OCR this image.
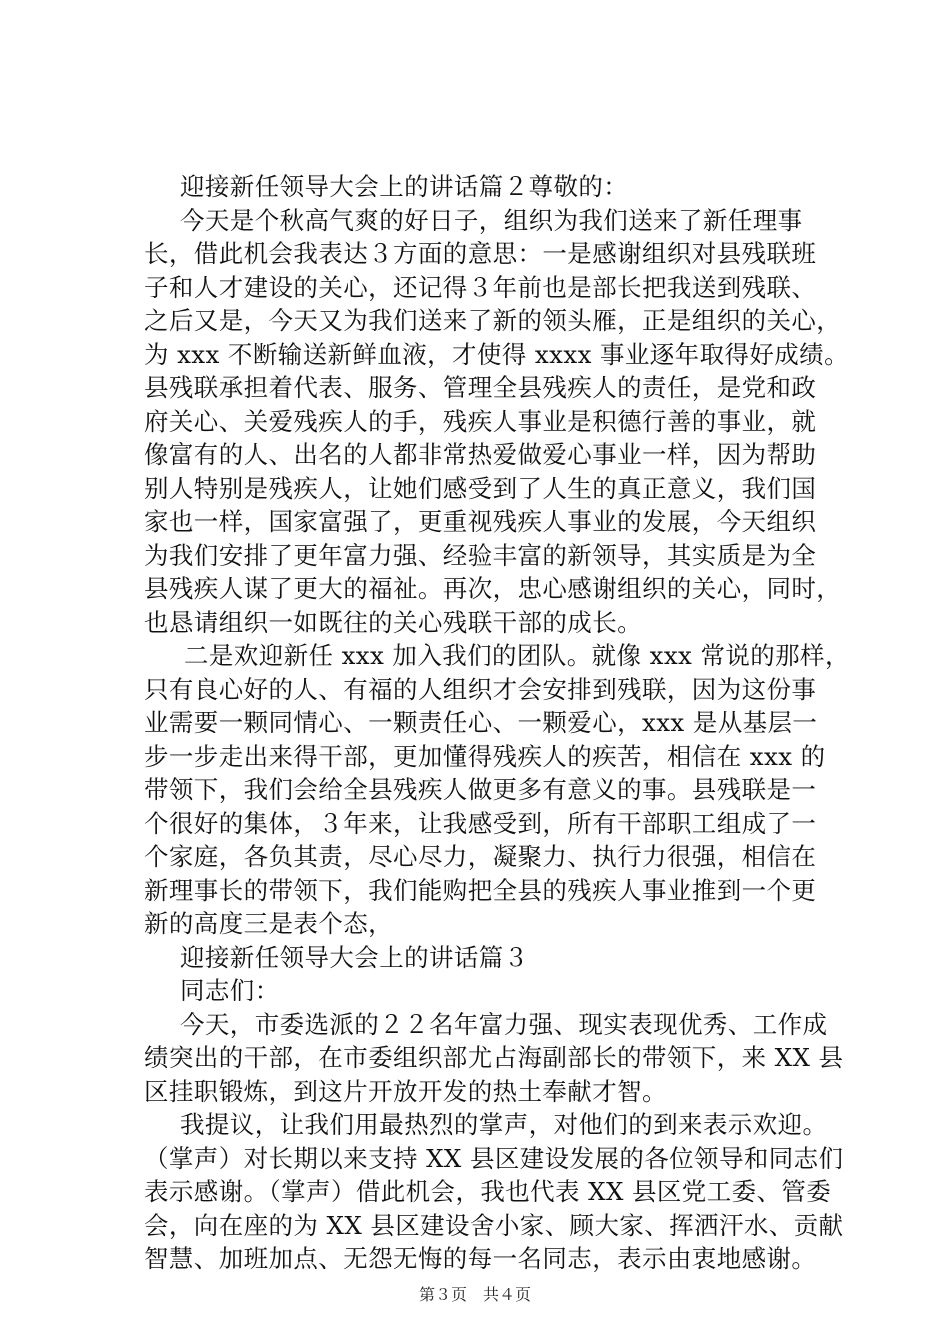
迎接新任领导大会上的讲话篇２尊敬的：
今天是个秋高气爽的好日子，组织为我们送来了新任理事
长，借此机会我表达３方面的意思：一是感谢组织对县残联班
子和人才建设的关心，还记得３年前也是部长把我送到残联、
之后又是，今天又为我们送来了新的领头雁，正是组织的关心，
为 xxx 不断输送新鲜血液，才使得 xxxx 事业逐年取得好成绩。
县残联承担着代表、服务、管理全县残疾人的责任，是党和政
府关心、关爱残疾人的手，残疾人事业是积德行善的事业，就
像富有的人、出名的人都非常热爱做爱心事业一样，因为帮助
别人特别是残疾人，让她们感受到了人生的真正意义，我们国
家也一样，国家富强了，更重视残疾人事业的发展，今天组织
为我们安排了更年富力强、经验丰富的新领导，其实质是为全
县残疾人谋了更大的福祉。再次，忠心感谢组织的关心，同时，
也恳请组织一如既往的关心残联干部的成长。
二是欢迎新任 xxx 加入我们的团队。就像 xxx 常说的那样，
只有良心好的人、有福的人组织才会安排到残联，因为这份事
业需要一颗同情心、一颗责任心、一颗爱心，xxx 是从基层一
步一步走出来得干部，更加懂得残疾人的疾苦，相信在 xxx 的
带领下，我们会给全县残疾人做更多有意义的事。县残联是一
个很好的集体，３年来，让我感受到，所有干部职工组成了一
个家庭，各负其责，尽心尽力，凝聚力、执行力很强，相信在
新理事长的带领下，我们能购把全县的残疾人事业推到一个更
新的高度三是表个态，
迎接新任领导大会上的讲话篇３
同志们：
今天，市委选派的２２名年富力强、现实表现优秀、工作成
绩突出的干部，在市委组织部尤占海副部长的带领下，来 XX 县
区挂职锻炼，到这片开放开发的热土奉献才智。
我提议，让我们用最热烈的掌声，对他们的到来表示欢迎。
（掌声）对长期以来支持 XX 县区建设发展的各位领导和同志们
表示感谢。（掌声）借此机会，我也代表 XX 县区党工委、管委
会，向在座的为 XX 县区建设舍小家、顾大家、挥洒汗水、贡献
智慧、加班加点、无怨无悔的每一名同志，表示由衷地感谢。
第３页　共４页
